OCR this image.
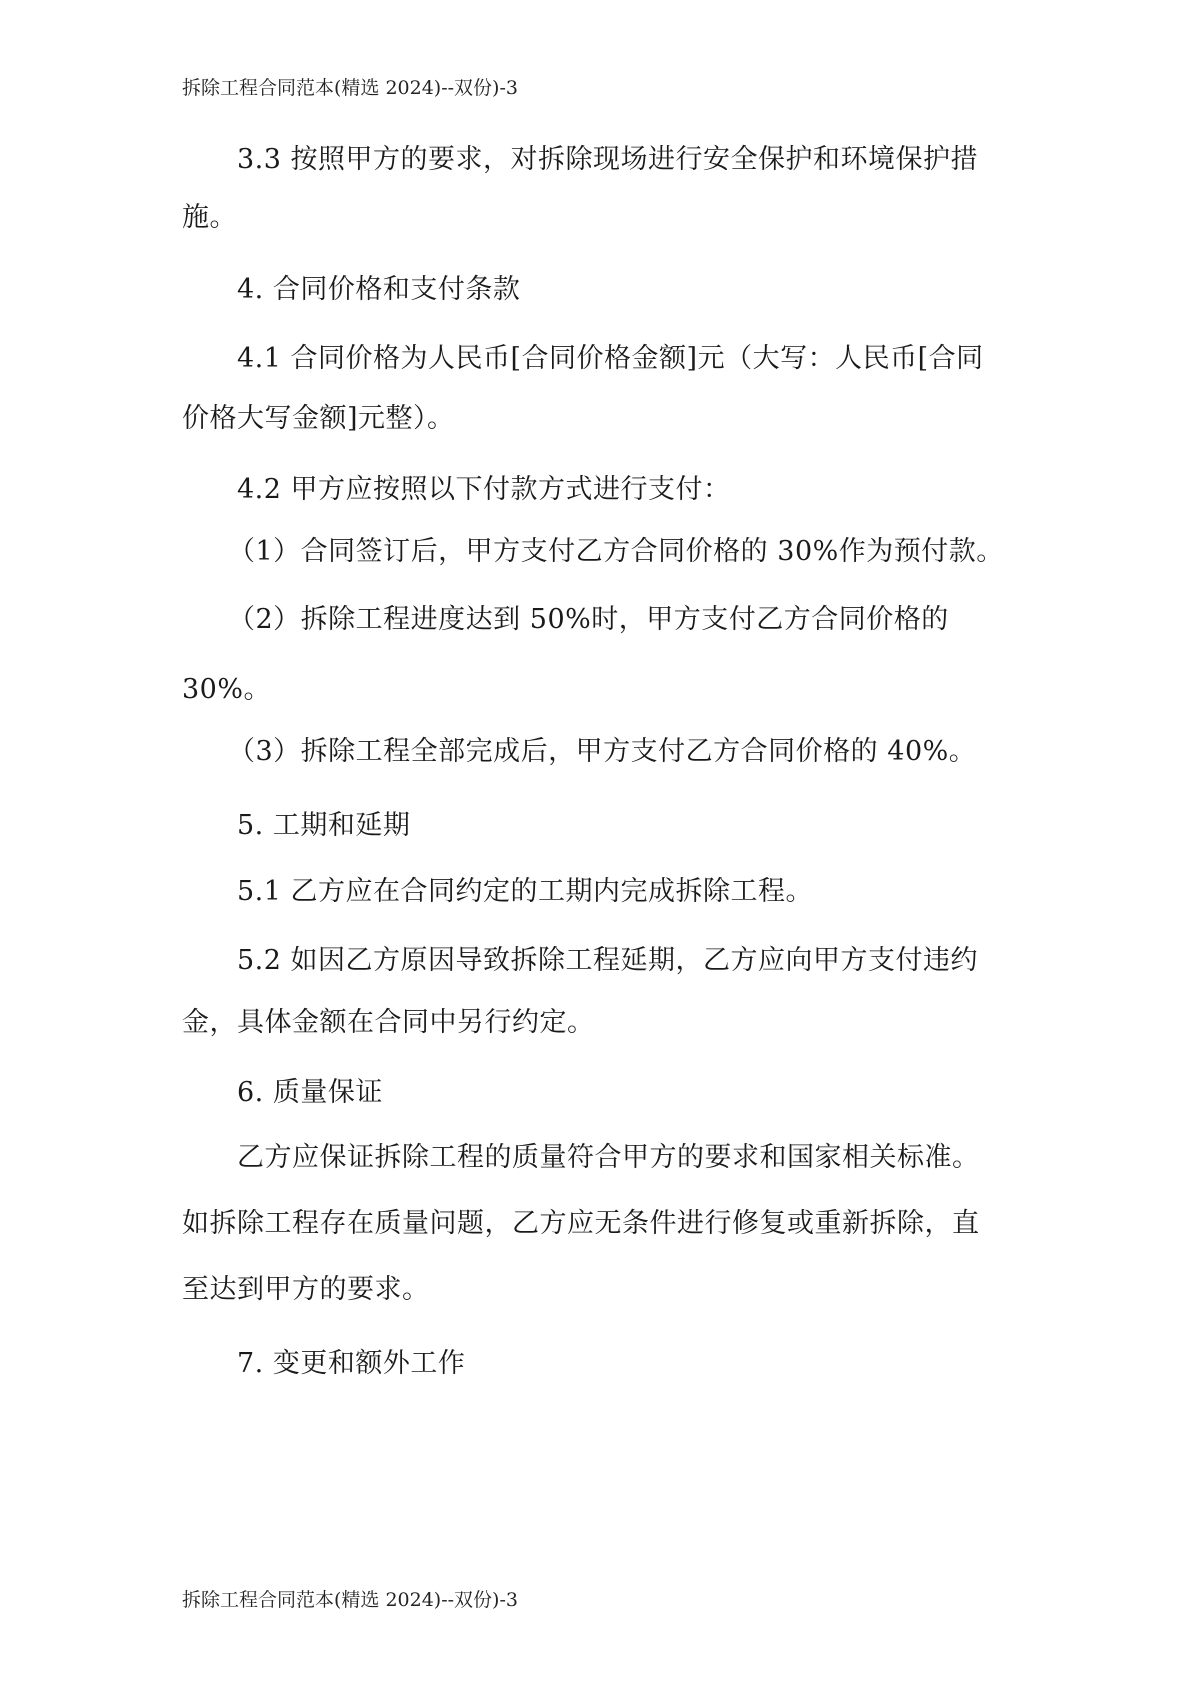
拆除工程合同范本(精选 2024)--双份)-3
3.3 按照甲方的要求，对拆除现场进行安全保护和环境保护措
施。
4. 合同价格和支付条款
4.1 合同价格为人民币[合同价格金额]元（大写：人民币[合同
价格大写金额]元整）。
4.2 甲方应按照以下付款方式进行支付：
（1）合同签订后，甲方支付乙方合同价格的 30%作为预付款。
（2）拆除工程进度达到 50%时，甲方支付乙方合同价格的
30%。
（3）拆除工程全部完成后，甲方支付乙方合同价格的 40%。
5. 工期和延期
5.1 乙方应在合同约定的工期内完成拆除工程。
5.2 如因乙方原因导致拆除工程延期，乙方应向甲方支付违约
金，具体金额在合同中另行约定。
6. 质量保证
乙方应保证拆除工程的质量符合甲方的要求和国家相关标准。
如拆除工程存在质量问题，乙方应无条件进行修复或重新拆除，直
至达到甲方的要求。
7. 变更和额外工作
拆除工程合同范本(精选 2024)--双份)-3
